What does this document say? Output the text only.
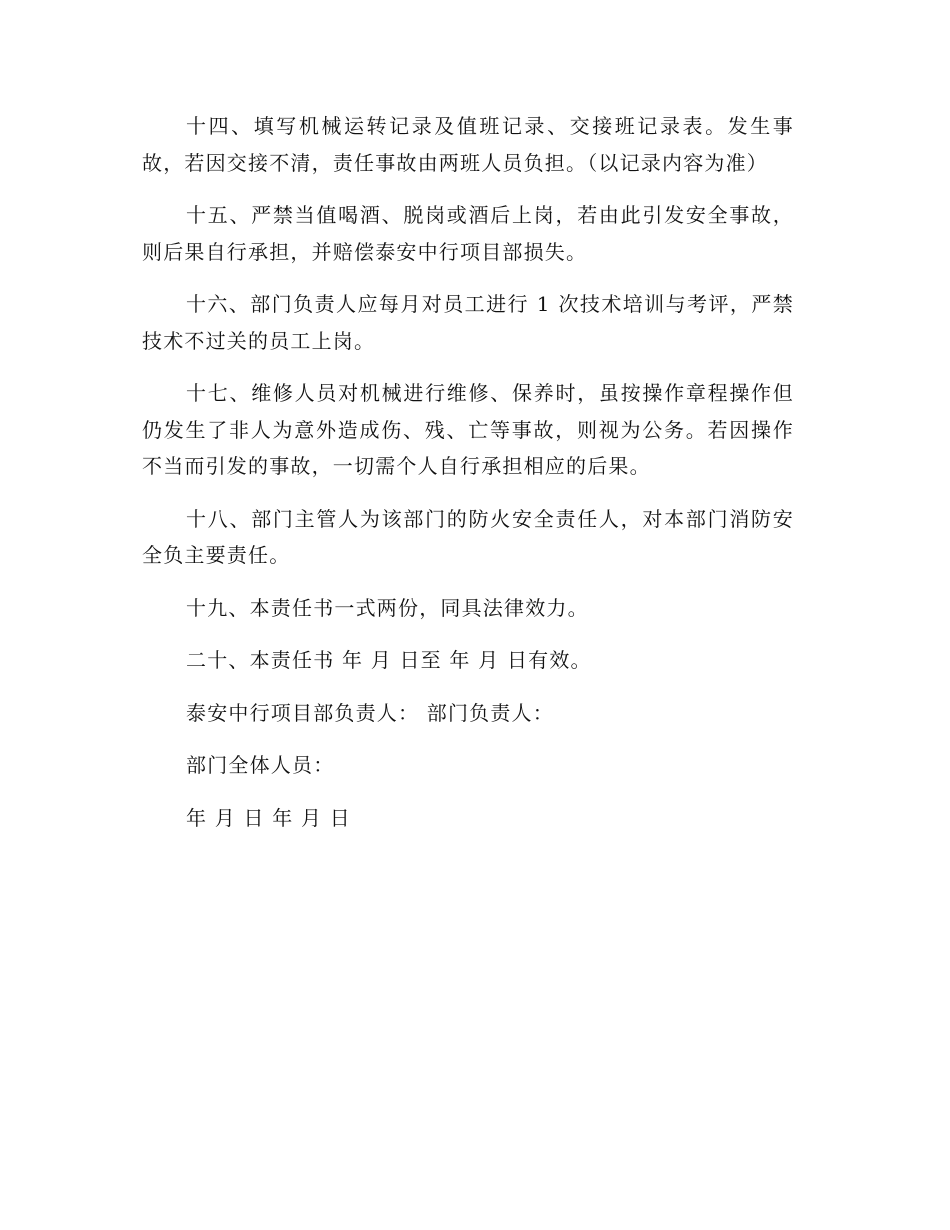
十四、填写机械运转记录及值班记录、交接班记录表。发生事故，若因交接不清，责任事故由两班人员负担。（以记录内容为准）

十五、严禁当值喝酒、脱岗或酒后上岗，若由此引发安全事故，则后果自行承担，并赔偿泰安中行项目部损失。

十六、部门负责人应每月对员工进行 1 次技术培训与考评，严禁技术不过关的员工上岗。

十七、维修人员对机械进行维修、保养时，虽按操作章程操作但仍发生了非人为意外造成伤、残、亡等事故，则视为公务。若因操作不当而引发的事故，一切需个人自行承担相应的后果。

十八、部门主管人为该部门的防火安全责任人，对本部门消防安全负主要责任。

十九、本责任书一式两份，同具法律效力。

二十、本责任书 年 月 日至 年 月 日有效。

泰安中行项目部负责人： 部门负责人：

部门全体人员：

年 月 日 年 月 日
